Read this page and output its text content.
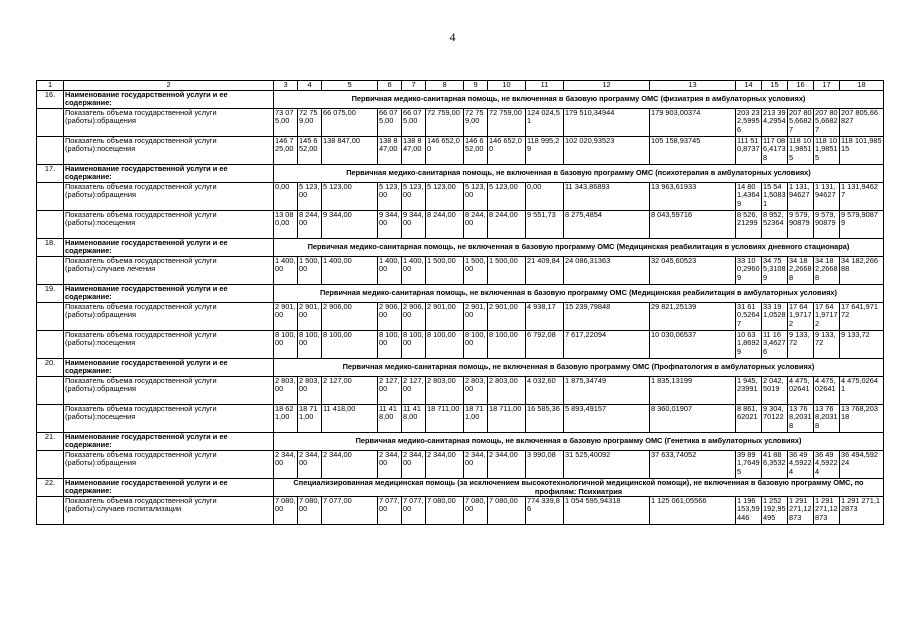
4
1	2	3	4	5	6	7	8	9	10	11	12	13	14	15	16	17	18
16.	Наименование государственной услуги и ее содержание:	Первичная медико-санитарная помощь, не включенная в базовую программу ОМС (физиатрия в амбулаторных условиях)															
	Показатель объема государственной услуги (работы):обращения	73 075,00	72 759,00	66 075,00	66 075,00	66 075,00	72 759,00	72 759,00	72 759,00	124 024,51	179 510,34944	179 903,00374	203 232,59956	213 394,2954	207 805,66827	207 805,66827	207 805,66827
	Показатель объема государственной услуги (работы):посещения	146 725,00	145 652,00	138 847,00	138 847,00	138 847,00	146 652,00	146 652,00	146 652,00	118 995,29	102 020,93523	105 158,93745	111 510,8737	117 086,41738	118 101,98515	118 101,98515	118 101,98515
17.	Наименование государственной услуги и ее содержание:	Первичная медико-санитарная помощь, не включенная в базовую программу ОМС (психотерапия в амбулаторных условиях)															
	Показатель объема государственной услуги (работы):обращения	0,00	5 123,00	5 123,00	5 123,00	5 123,00	5 123,00	5 123,00	5 123,00	0,00	11 343,86893	13 963,61933	14 801,43649	15 541,50831	1 131,94627	1 131,94627	1 131,94627
	Показатель объема государственной услуги (работы):посещения	13 080,00	8 244,00	9 344,00	9 344,00	9 344,00	8 244,00	8 244,00	8 244,00	9 551,73	8 275,4854	8 043,59716	8 526,21299	8 952,52364	9 579,90879	9 579,90879	9 579,90879
18.	Наименование государственной услуги и ее содержание:	Первичная медико-санитарная помощь, не включенная в базовую программу ОМС (Медицинская реабилитация в условиях дневного стационара)															
	Показатель объема государственной услуги (работы):случаев лечения	1 400,00	1 500,00	1 400,00	1 400,00	1 400,00	1 500,00	1 500,00	1 500,00	21 409,84	24 086,31363	32 045,60523	33 100,29609	34 755,31089	34 182,26688	34 182,26688	34 182,26688
19.	Наименование государственной услуги и ее содержание:	Первичная медико-санитарная помощь, не включенная в базовую программу ОМС (Медицинская реабилитация в амбулаторных условиях)															
	Показатель объема государственной услуги (работы):обращения	2 901,00	2 901,00	2 906,00	2 906,00	2 906,00	2 901,00	2 901,00	2 901,00	4 938,17	15 239,79848	29 821,25139	31 610,52647	33 191,0528	17 641,97172	17 641,97172	17 641,97172
	Показатель объема государственной услуги (работы):посещения	8 100,00	8 100,00	8 100,00	8 100,00	8 100,00	8 100,00	8 100,00	8 100,00	6 792,08	7 617,22094	10 030,06537	10 631,86929	11 163,46276	9 133,72	9 133,72	9 133,72
20.	Наименование государственной услуги и ее содержание:	Первичная медико-санитарная помощь, не включенная в базовую программу ОМС (Профпатология в амбулаторных условиях)															
	Показатель объема государственной услуги (работы):обращения	2 803,00	2 803,00	2 127,00	2 127,00	2 127,00	2 803,00	2 803,00	2 803,00	4 032,60	1 875,34749	1 835,13199	1 945,23991	2 042,5019	4 475,02641	4 475,02641	4 475,02641
	Показатель объема государственной услуги (работы):посещения	18 621,00	18 711,00	11 418,00	11 418,00	11 418,00	18 711,00	18 711,00	18 711,00	16 585,36	5 893,49157	8 360,01907	8 861,62021	9 304,70122	13 768,20318	13 768,20318	13 768,20318
21.	Наименование государственной услуги и ее содержание:	Первичная медико-санитарная помощь, не включенная в базовую программу ОМС (Генетика в амбулаторных условиях)															
	Показатель объема государственной услуги (работы):обращения	2 344,00	2 344,00	2 344,00	2 344,00	2 344,00	2 344,00	2 344,00	2 344,00	3 990,08	31 525,40092	37 633,74052	39 891,76495	41 886,3532	36 494,59224	36 494,59224	36 494,59224
22.	Наименование государственной услуги и ее содержание:	Специализированная медицинская помощь (за исключением высокотехнологичной медицинской помощи), не включенная в базовую программу ОМС, по профилям: Психиатрия															
	Показатель объема государственной услуги (работы):случаев госпитализации	7 080,00	7 080,00	7 077,00	7 077,00	7 077,00	7 080,00	7 080,00	7 080,00	774 339,86	1 054 595,94318	1 125 061,05566	1 196 153,59446	1 252 192,95495	1 291 271,12873	1 291 271,12873	1 291 271,12873
